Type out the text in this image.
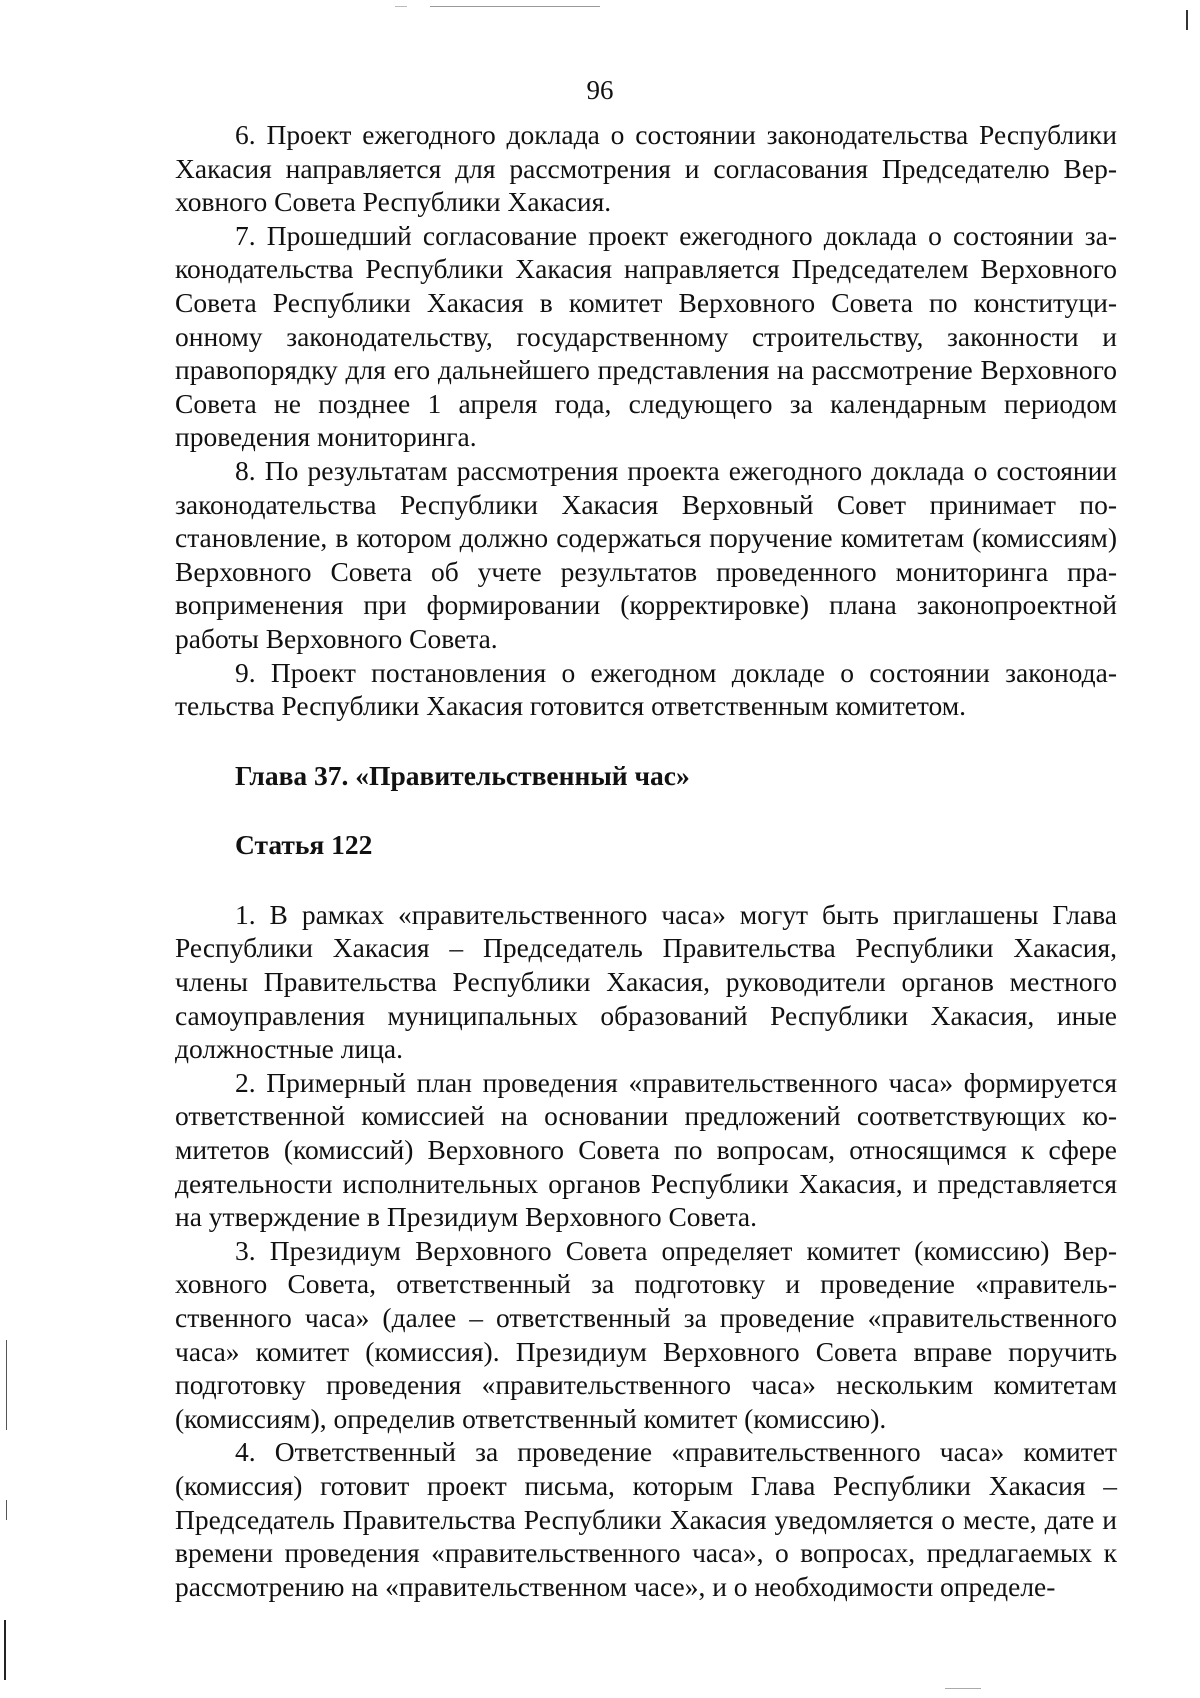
96

6. Проект ежегодного доклада о состоянии законодательства Республики Хакасия направляется для рассмотрения и согласования Председателю Верховного Совета Республики Хакасия.

7. Прошедший согласование проект ежегодного доклада о состоянии законодательства Республики Хакасия направляется Председателем Верховного Совета Республики Хакасия в комитет Верховного Совета по конституционному законодательству, государственному строительству, законности и правопорядку для его дальнейшего представления на рассмотрение Верховного Совета не позднее 1 апреля года, следующего за календарным периодом проведения мониторинга.

8. По результатам рассмотрения проекта ежегодного доклада о состоянии законодательства Республики Хакасия Верховный Совет принимает постановление, в котором должно содержаться поручение комитетам (комиссиям) Верховного Совета об учете результатов проведенного мониторинга правоприменения при формировании (корректировке) плана законопроектной работы Верховного Совета.

9. Проект постановления о ежегодном докладе о состоянии законодательства Республики Хакасия готовится ответственным комитетом.

Глава 37. «Правительственный час»

Статья 122

1. В рамках «правительственного часа» могут быть приглашены Глава Республики Хакасия – Председатель Правительства Республики Хакасия, члены Правительства Республики Хакасия, руководители органов местного самоуправления муниципальных образований Республики Хакасия, иные должностные лица.

2. Примерный план проведения «правительственного часа» формируется ответственной комиссией на основании предложений соответствующих комитетов (комиссий) Верховного Совета по вопросам, относящимся к сфере деятельности исполнительных органов Республики Хакасия, и представляется на утверждение в Президиум Верховного Совета.

3. Президиум Верховного Совета определяет комитет (комиссию) Верховного Совета, ответственный за подготовку и проведение «правительственного часа» (далее – ответственный за проведение «правительственного часа» комитет (комиссия). Президиум Верховного Совета вправе поручить подготовку проведения «правительственного часа» нескольким комитетам (комиссиям), определив ответственный комитет (комиссию).

4. Ответственный за проведение «правительственного часа» комитет (комиссия) готовит проект письма, которым Глава Республики Хакасия – Председатель Правительства Республики Хакасия уведомляется о месте, дате и времени проведения «правительственного часа», о вопросах, предлагаемых к рассмотрению на «правительственном часе», и о необходимости определе-
